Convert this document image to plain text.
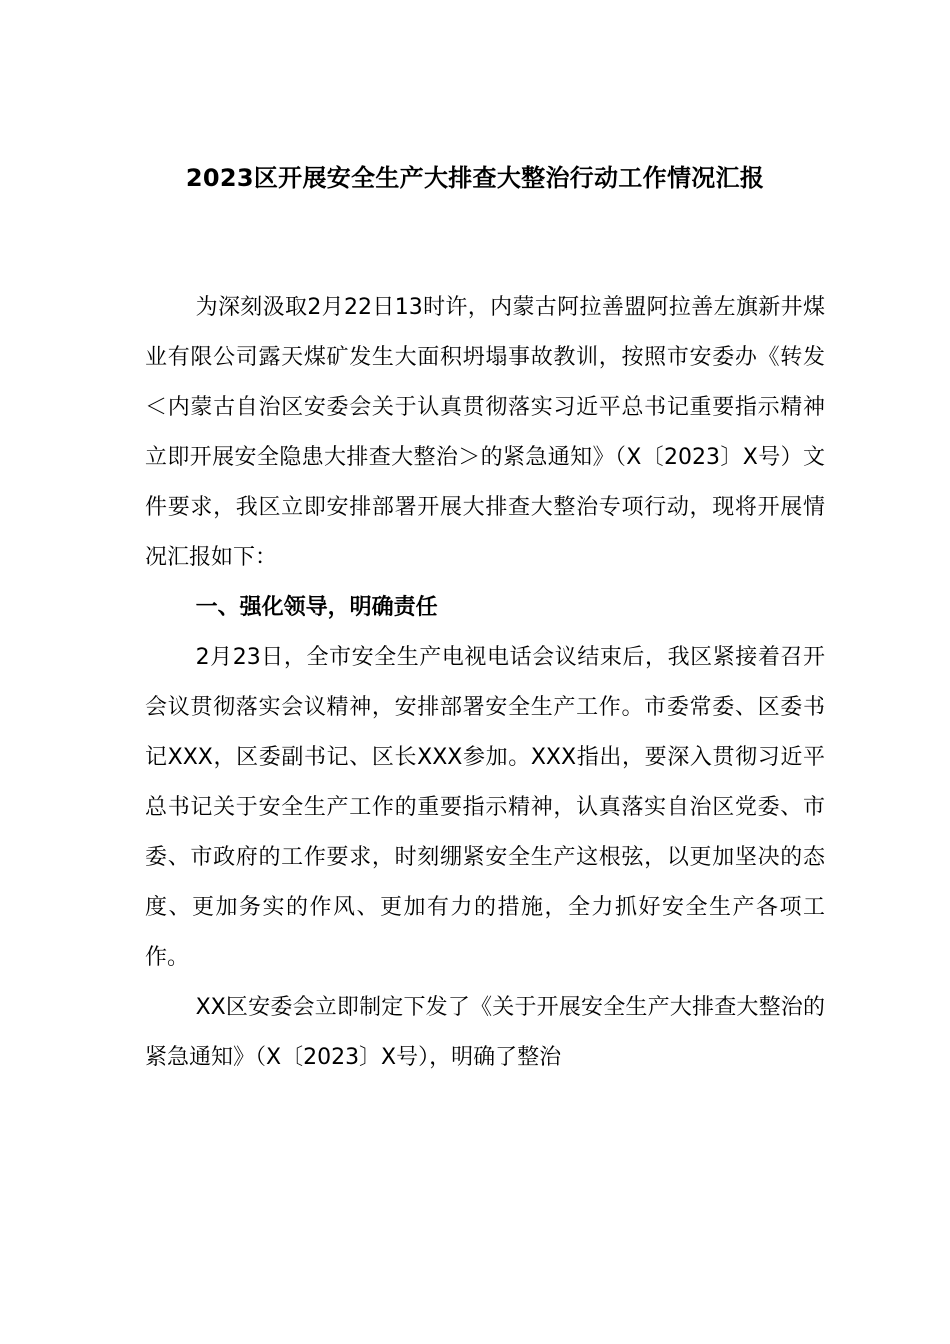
2023区开展安全生产大排查大整治行动工作情况汇报

为深刻汲取2月22日13时许，内蒙古阿拉善盟阿拉善左旗新井煤业有限公司露天煤矿发生大面积坍塌事故教训，按照市安委办《转发＜内蒙古自治区安委会关于认真贯彻落实习近平总书记重要指示精神立即开展安全隐患大排查大整治＞的紧急通知》（X〔2023〕X号）文件要求，我区立即安排部署开展大排查大整治专项行动，现将开展情况汇报如下：

一、强化领导，明确责任

2月23日，全市安全生产电视电话会议结束后，我区紧接着召开会议贯彻落实会议精神，安排部署安全生产工作。市委常委、区委书记XXX，区委副书记、区长XXX参加。XXX指出，要深入贯彻习近平总书记关于安全生产工作的重要指示精神，认真落实自治区党委、市委、市政府的工作要求，时刻绷紧安全生产这根弦，以更加坚决的态度、更加务实的作风、更加有力的措施，全力抓好安全生产各项工作。

XX区安委会立即制定下发了《关于开展安全生产大排查大整治的紧急通知》（X〔2023〕X号），明确了整治
